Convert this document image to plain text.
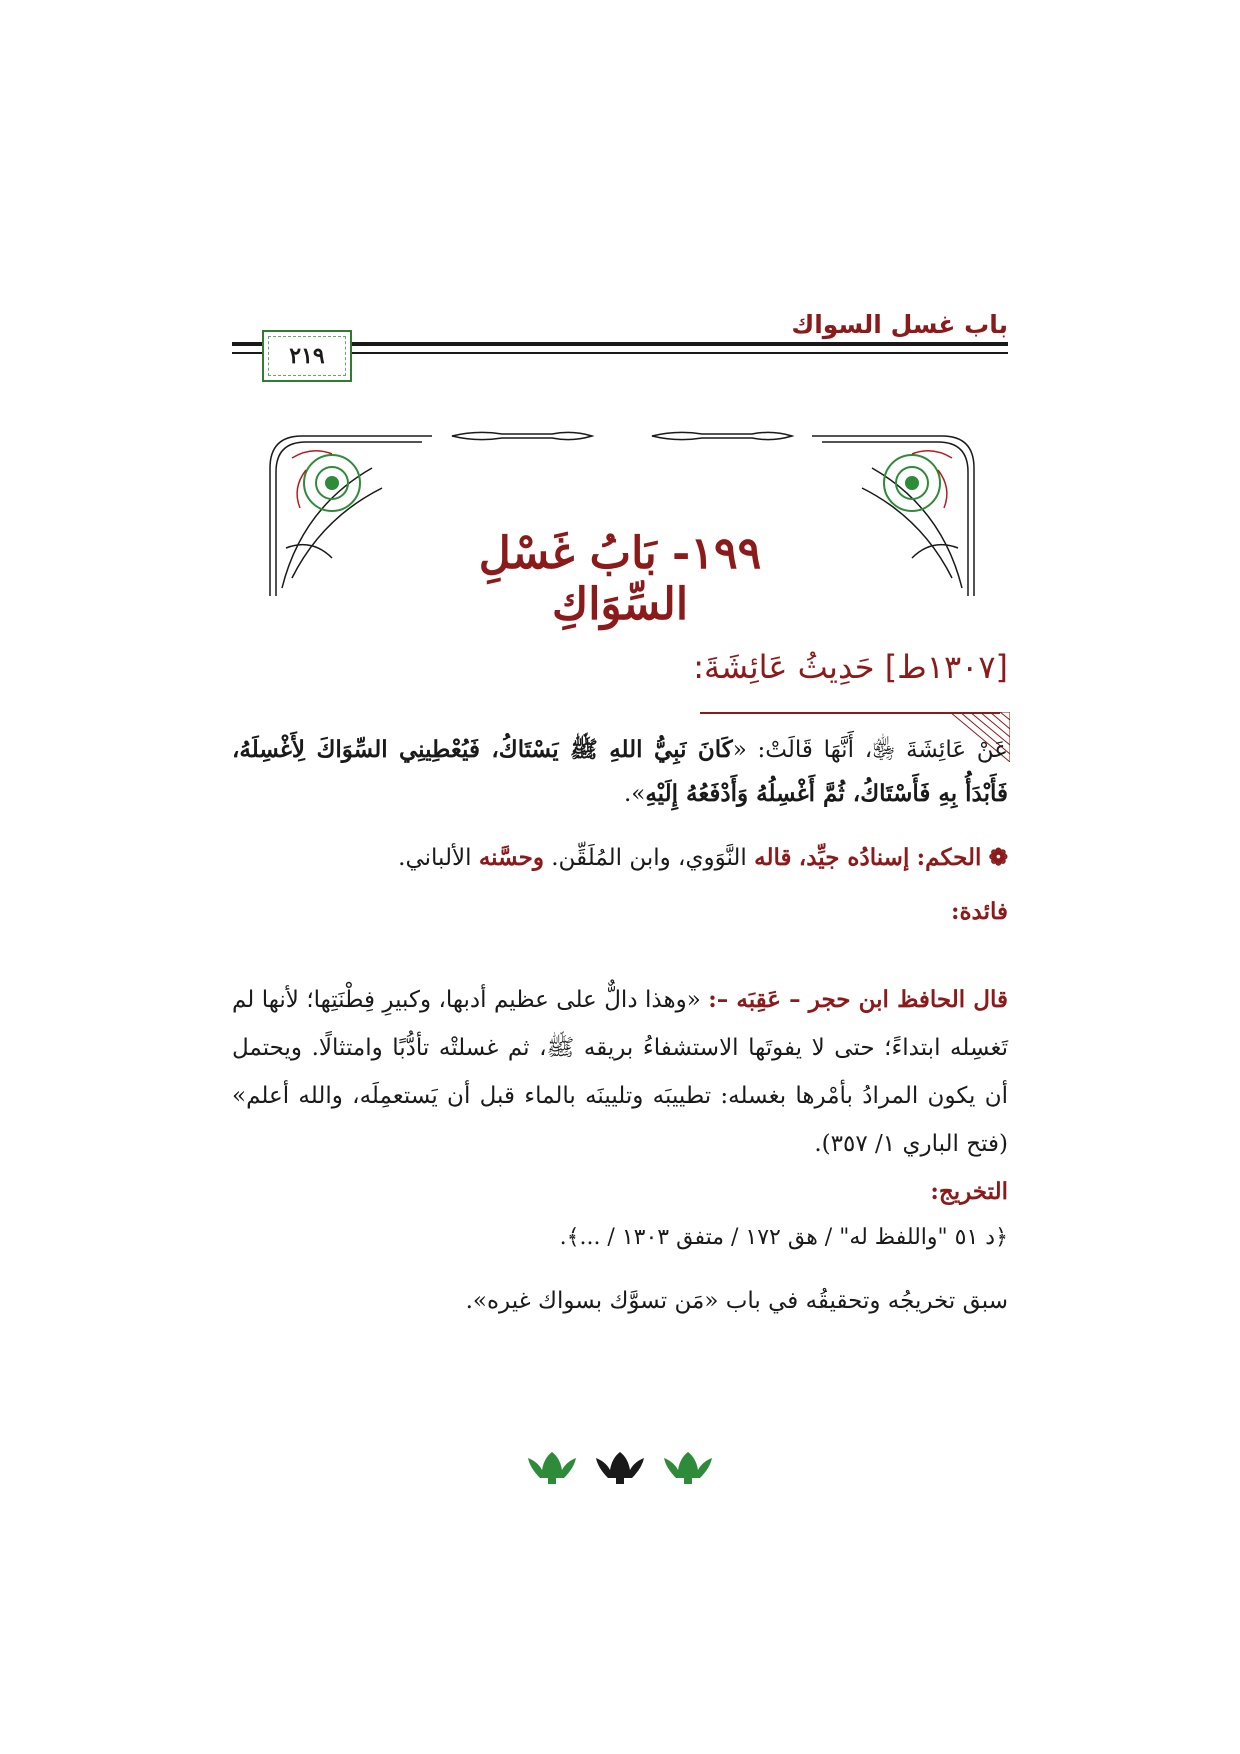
باب غسل السواك
٢١٩
١٩٩- بَابُ غَسْلِ السِّوَاكِ
[١٣٠٧ط] حَدِيثُ عَائِشَةَ:
عَنْ عَائِشَةَ ﵂، أَنَّهَا قَالَتْ: «كَانَ نَبِيُّ اللهِ ﷺ يَسْتَاكُ، فَيُعْطِينِي السِّوَاكَ لِأَغْسِلَهُ، فَأَبْدَأُ بِهِ فَأَسْتَاكُ، ثُمَّ أَغْسِلُهُ وَأَدْفَعُهُ إِلَيْهِ».
❁ الحكم: إسنادُه جيِّد، قاله النَّوَوي، وابن المُلَقِّن. وحسَّنه الألباني.
فائدة:
قال الحافظ ابن حجر – عَقِبَه –: «وهذا دالٌّ على عظيم أدبها، وكبيرِ فِطْنَتِها؛ لأنها لم تَغسِله ابتداءً؛ حتى لا يفوتَها الاستشفاءُ بريقه ﷺ، ثم غسلتْه تأدُّبًا وامتثالًا. ويحتمل أن يكون المرادُ بأمْرها بغسله: تطييبَه وتليينَه بالماء قبل أن يَستعمِلَه، والله أعلم» (فتح الباري ١/ ٣٥٧).
التخريج:
﴿د ٥١ "واللفظ له" / هق ١٧٢ / متفق ١٣٠٣ / ...﴾.
سبق تخريجُه وتحقيقُه في باب «مَن تسوَّك بسواك غيره».
